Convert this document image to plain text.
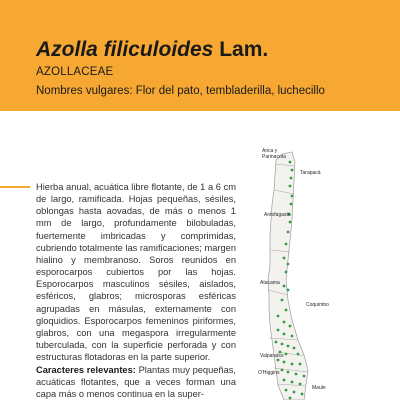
Azolla filiculoides Lam.
AZOLLACEAE
Nombres vulgares: Flor del pato, tembladerilla, luchecillo

Hierba anual, acuática libre flotante, de 1 a 6 cm de largo, ramificada. Hojas pequeñas, sésiles, oblongas hasta aovadas, de más o menos 1 mm de largo, profundamente bilobuladas, fuertemente imbricadas y comprimidas, cubriendo totalmente las ramificaciones; margen hialino y membranoso. Soros reunidos en esporocarpos cubiertos por las hojas. Esporocarpos masculinos sésiles, aislados, esféricos, glabros; microsporas esféricas agrupadas en másulas, externamente con gloquidios. Esporocarpos femeninos piriformes, glabros, con una megaspora irregularmente tuberculada, con la superficie perforada y con estructuras flotadoras en la parte superior.

Caracteres relevantes: Plantas muy pequeñas, acuáticas flotantes, que a veces forman una capa más o menos continua en la super-

Arica y Parinacota
Tarapacá
Antofagasta
Atacama
Coquimbo
Valparaíso
O'Higgins
Maule
